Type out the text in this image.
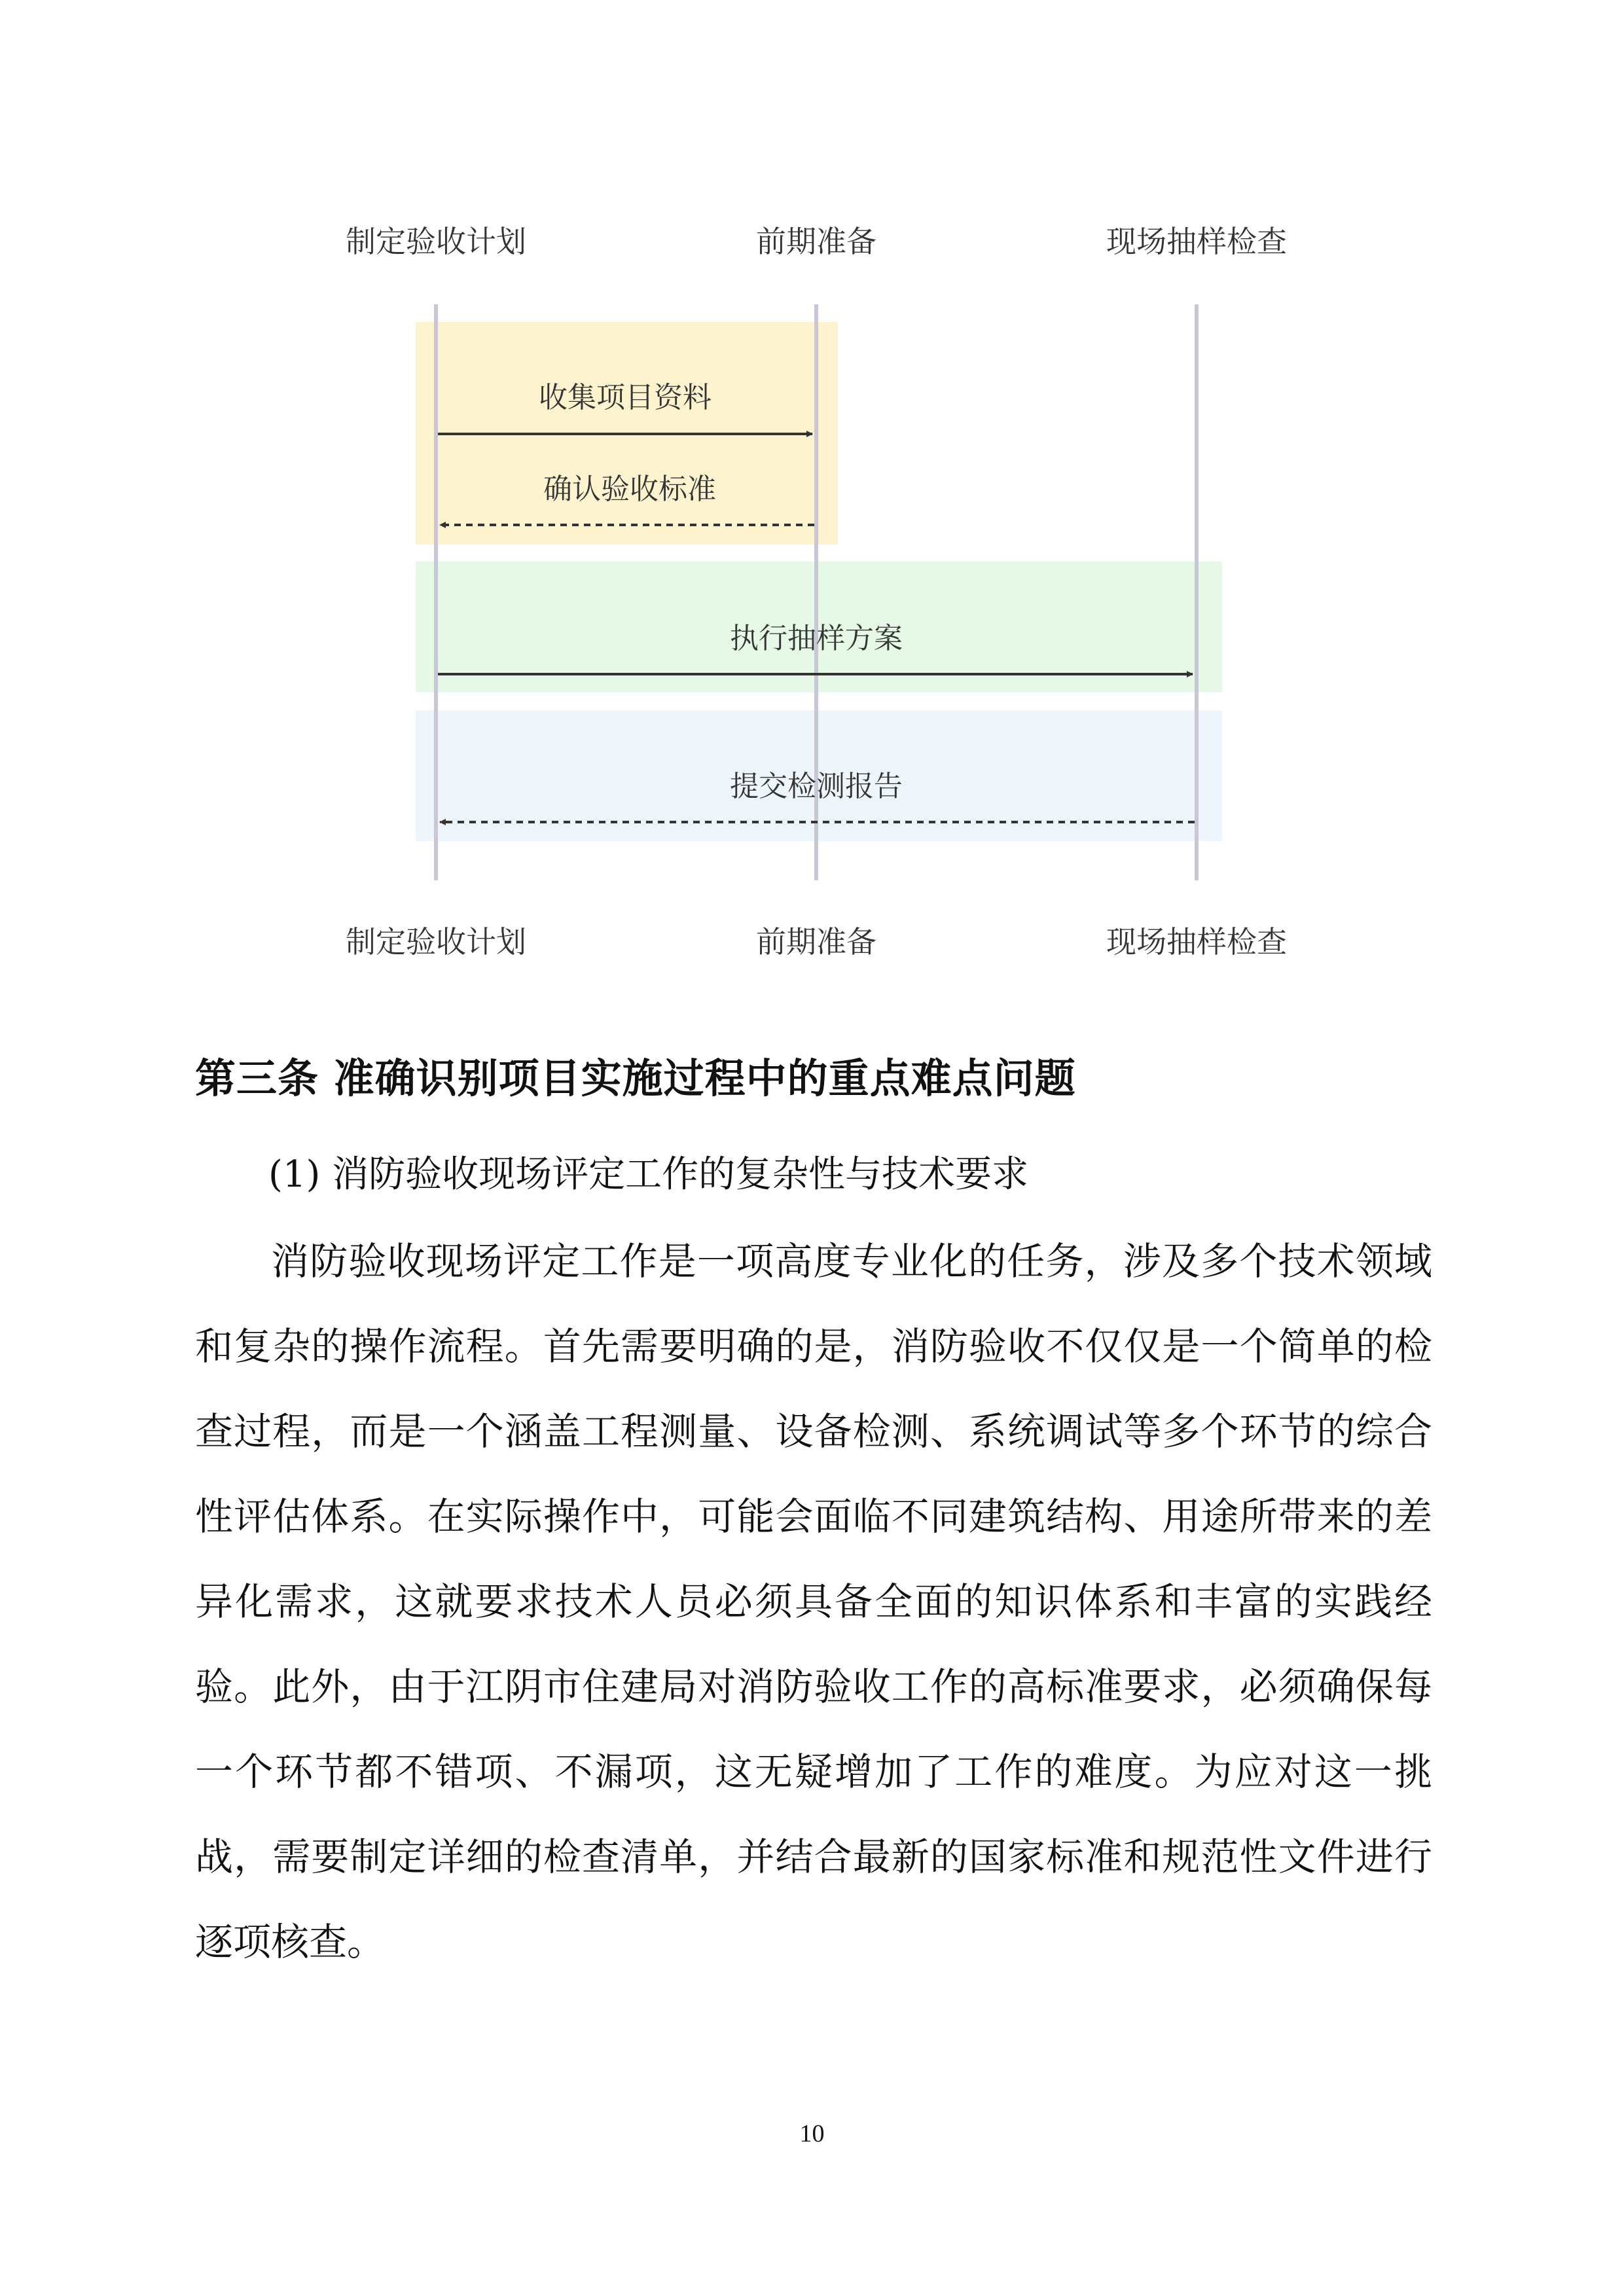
制定验收计划	前期准备	现场抽样检查
制定验收计划	前期准备	现场抽样检查
收集项目资料
确认验收标准
执行抽样方案
提交检测报告
第三条 准确识别项目实施过程中的重点难点问题

(1) 消防验收现场评定工作的复杂性与技术要求

消防验收现场评定工作是一项高度专业化的任务，涉及多个技术领域和复杂的操作流程。首先需要明确的是，消防验收不仅仅是一个简单的检查过程，而是一个涵盖工程测量、设备检测、系统调试等多个环节的综合性评估体系。在实际操作中，可能会面临不同建筑结构、用途所带来的差异化需求，这就要求技术人员必须具备全面的知识体系和丰富的实践经验。此外，由于江阴市住建局对消防验收工作的高标准要求，必须确保每一个环节都不错项、不漏项，这无疑增加了工作的难度。为应对这一挑战，需要制定详细的检查清单，并结合最新的国家标准和规范性文件进行逐项核查。

10
